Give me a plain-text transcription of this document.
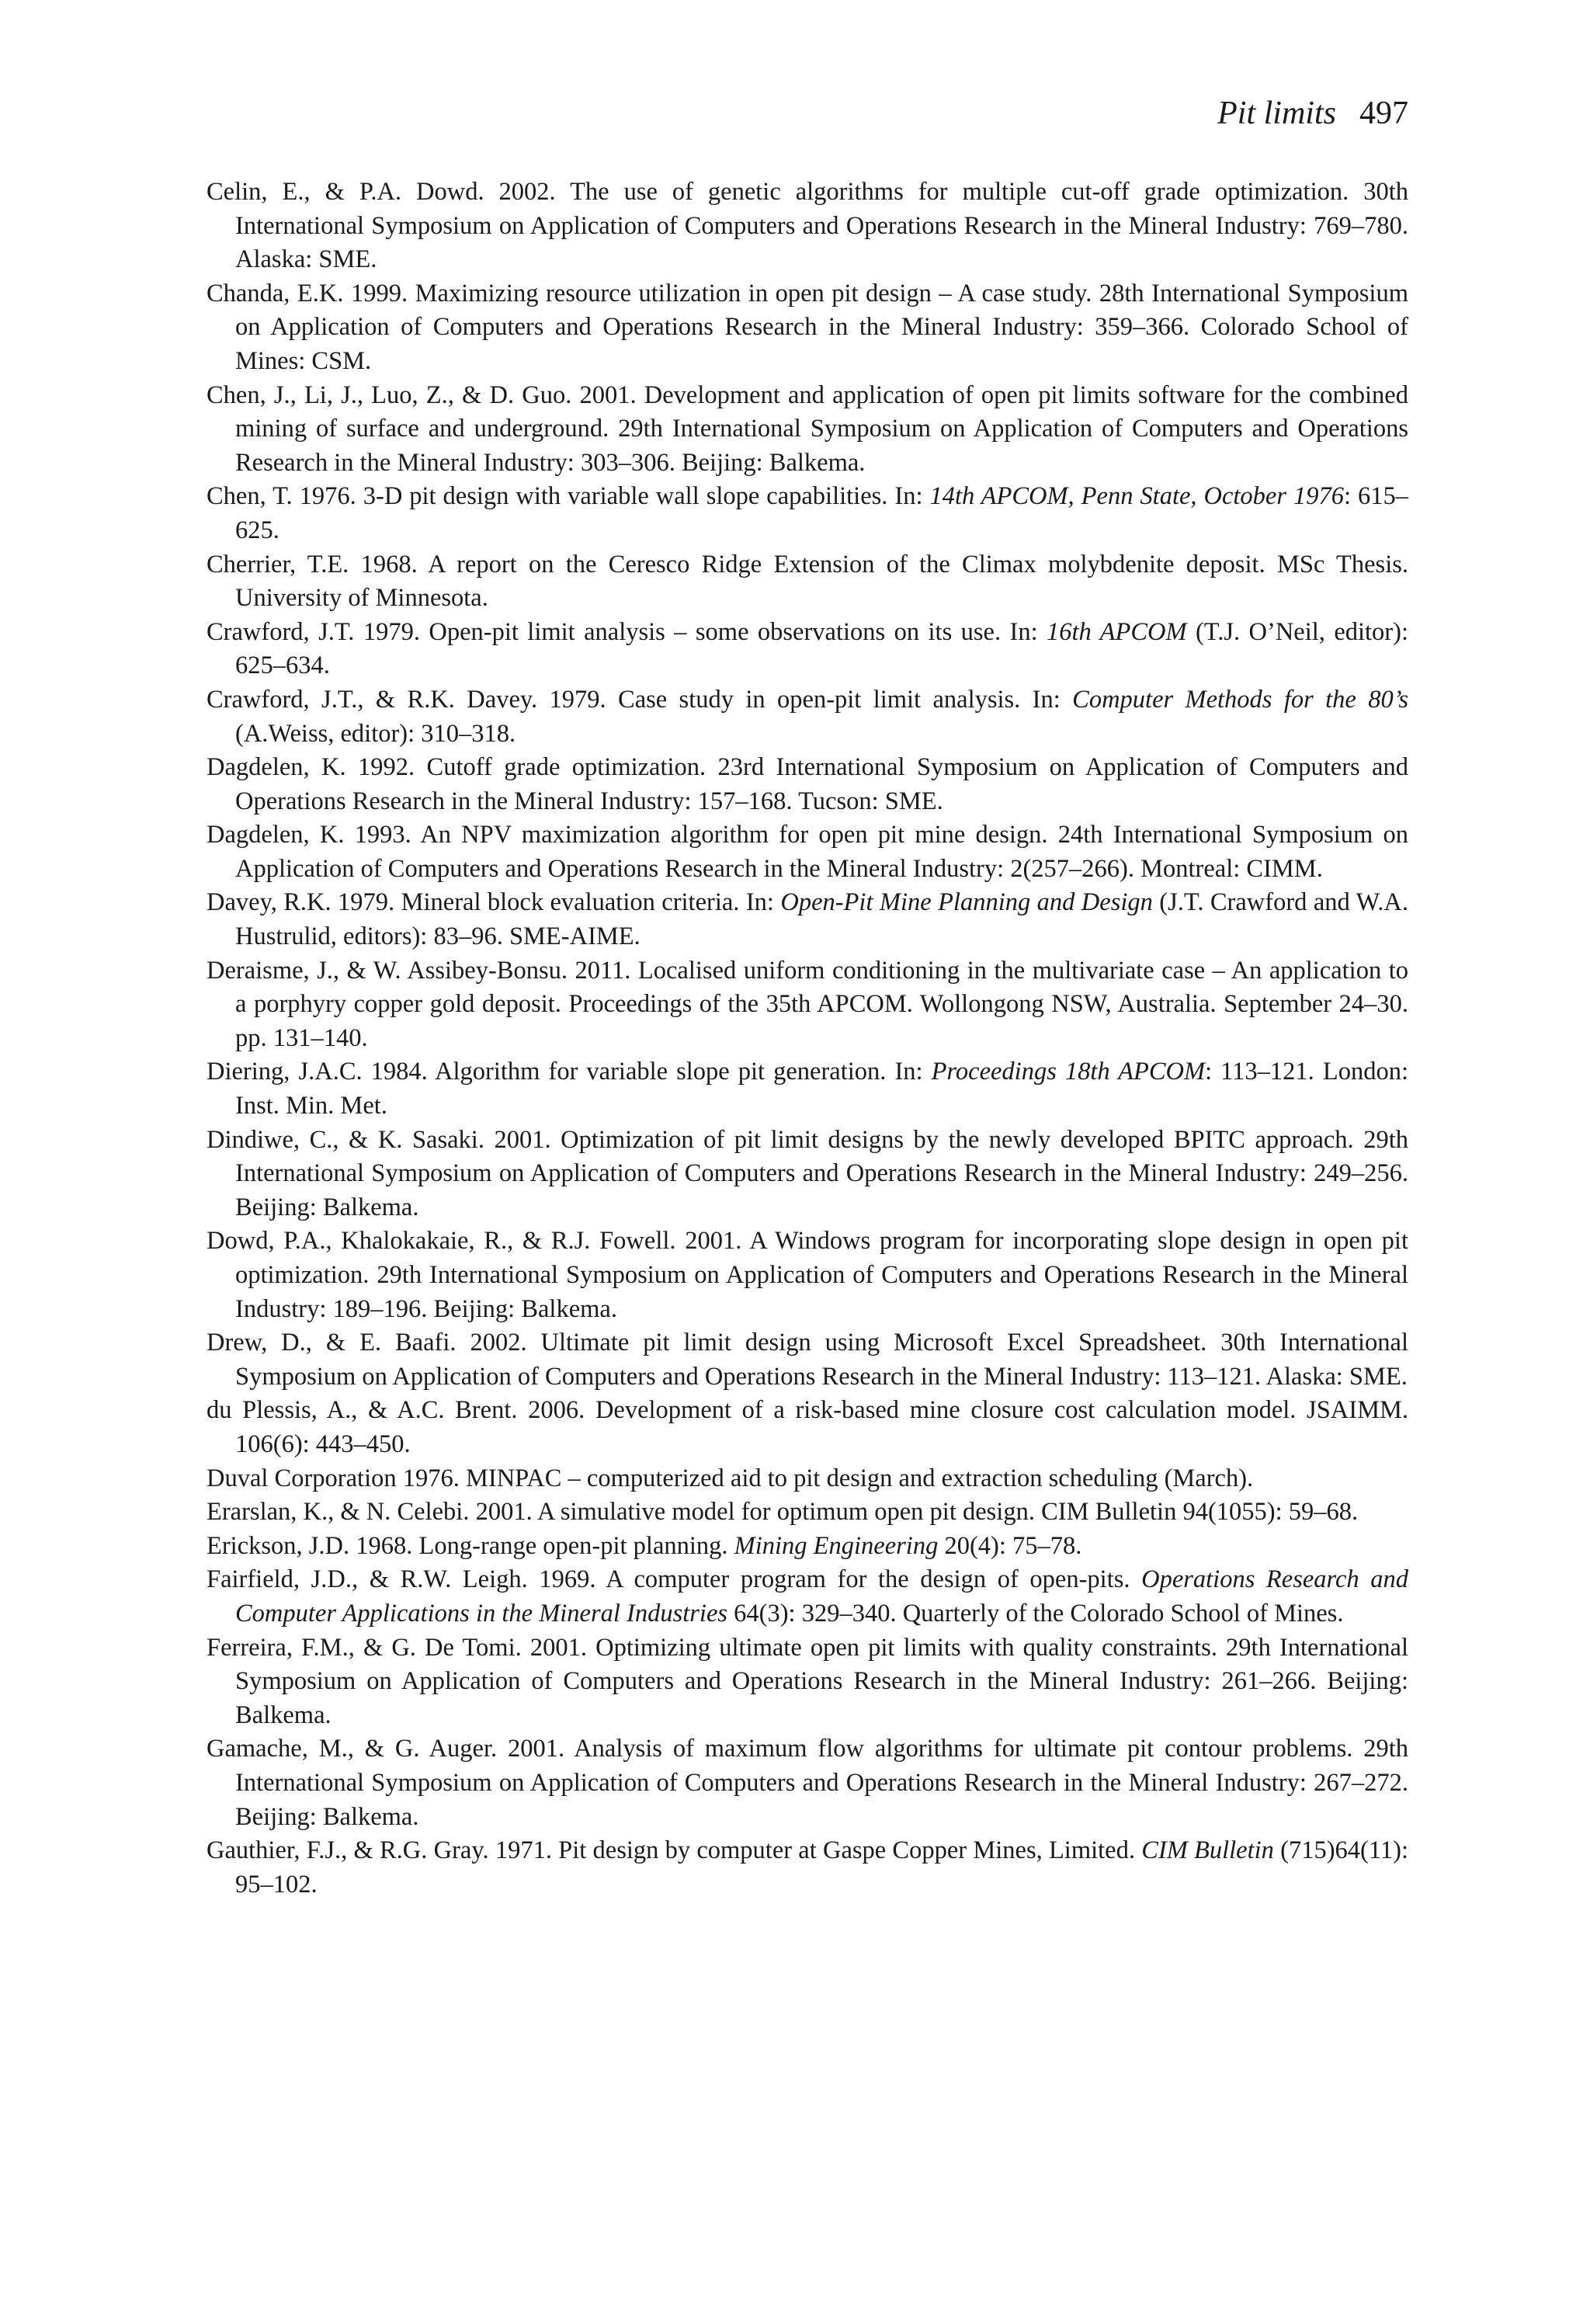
Pit limits 497
Celin, E., & P.A. Dowd. 2002. The use of genetic algorithms for multiple cut-off grade optimization. 30th International Symposium on Application of Computers and Operations Research in the Mineral Industry: 769–780. Alaska: SME.
Chanda, E.K. 1999. Maximizing resource utilization in open pit design – A case study. 28th International Symposium on Application of Computers and Operations Research in the Mineral Industry: 359–366. Colorado School of Mines: CSM.
Chen, J., Li, J., Luo, Z., & D. Guo. 2001. Development and application of open pit limits software for the combined mining of surface and underground. 29th International Symposium on Application of Computers and Operations Research in the Mineral Industry: 303–306. Beijing: Balkema.
Chen, T. 1976. 3-D pit design with variable wall slope capabilities. In: 14th APCOM, Penn State, October 1976: 615–625.
Cherrier, T.E. 1968. A report on the Ceresco Ridge Extension of the Climax molybdenite deposit. MSc Thesis. University of Minnesota.
Crawford, J.T. 1979. Open-pit limit analysis – some observations on its use. In: 16th APCOM (T.J. O’Neil, editor): 625–634.
Crawford, J.T., & R.K. Davey. 1979. Case study in open-pit limit analysis. In: Computer Methods for the 80’s (A.Weiss, editor): 310–318.
Dagdelen, K. 1992. Cutoff grade optimization. 23rd International Symposium on Application of Computers and Operations Research in the Mineral Industry: 157–168. Tucson: SME.
Dagdelen, K. 1993. An NPV maximization algorithm for open pit mine design. 24th International Symposium on Application of Computers and Operations Research in the Mineral Industry: 2(257–266). Montreal: CIMM.
Davey, R.K. 1979. Mineral block evaluation criteria. In: Open-Pit Mine Planning and Design (J.T. Crawford and W.A. Hustrulid, editors): 83–96. SME-AIME.
Deraisme, J., & W. Assibey-Bonsu. 2011. Localised uniform conditioning in the multivariate case – An application to a porphyry copper gold deposit. Proceedings of the 35th APCOM. Wollongong NSW, Australia. September 24–30. pp. 131–140.
Diering, J.A.C. 1984. Algorithm for variable slope pit generation. In: Proceedings 18th APCOM: 113–121. London: Inst. Min. Met.
Dindiwe, C., & K. Sasaki. 2001. Optimization of pit limit designs by the newly developed BPITC approach. 29th International Symposium on Application of Computers and Operations Research in the Mineral Industry: 249–256. Beijing: Balkema.
Dowd, P.A., Khalokakaie, R., & R.J. Fowell. 2001. A Windows program for incorporating slope design in open pit optimization. 29th International Symposium on Application of Computers and Operations Research in the Mineral Industry: 189–196. Beijing: Balkema.
Drew, D., & E. Baafi. 2002. Ultimate pit limit design using Microsoft Excel Spreadsheet. 30th International Symposium on Application of Computers and Operations Research in the Mineral Industry: 113–121. Alaska: SME.
du Plessis, A., & A.C. Brent. 2006. Development of a risk-based mine closure cost calculation model. JSAIMM. 106(6): 443–450.
Duval Corporation 1976. MINPAC – computerized aid to pit design and extraction scheduling (March).
Erarslan, K., & N. Celebi. 2001. A simulative model for optimum open pit design. CIM Bulletin 94(1055): 59–68.
Erickson, J.D. 1968. Long-range open-pit planning. Mining Engineering 20(4): 75–78.
Fairfield, J.D., & R.W. Leigh. 1969. A computer program for the design of open-pits. Operations Research and Computer Applications in the Mineral Industries 64(3): 329–340. Quarterly of the Colorado School of Mines.
Ferreira, F.M., & G. De Tomi. 2001. Optimizing ultimate open pit limits with quality constraints. 29th International Symposium on Application of Computers and Operations Research in the Mineral Industry: 261–266. Beijing: Balkema.
Gamache, M., & G. Auger. 2001. Analysis of maximum flow algorithms for ultimate pit contour problems. 29th International Symposium on Application of Computers and Operations Research in the Mineral Industry: 267–272. Beijing: Balkema.
Gauthier, F.J., & R.G. Gray. 1971. Pit design by computer at Gaspe Copper Mines, Limited. CIM Bulletin (715)64(11): 95–102.
